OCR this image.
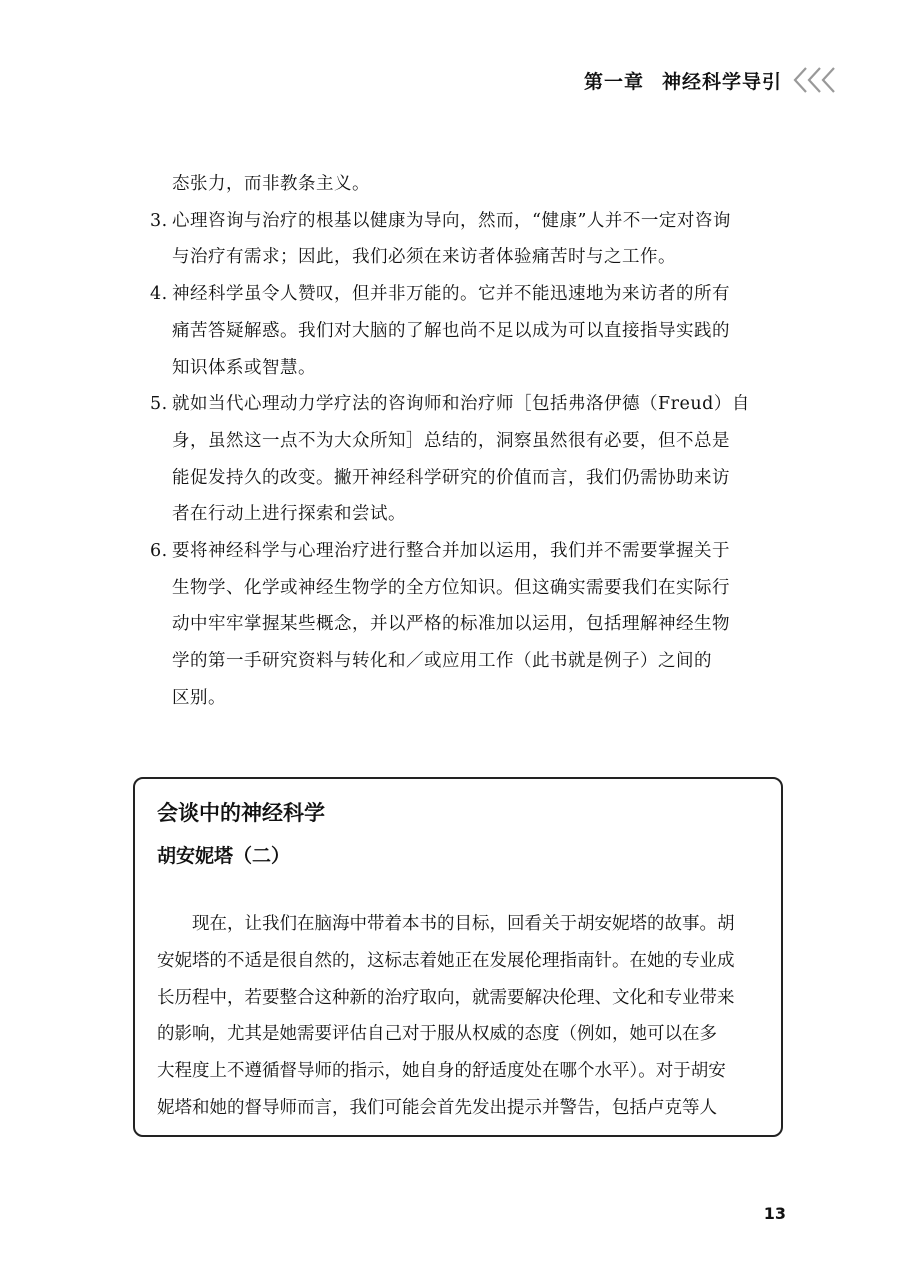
第一章 神经科学导引
态张力，而非教条主义。
3. 心理咨询与治疗的根基以健康为导向，然而，“健康”人并不一定对咨询
与治疗有需求；因此，我们必须在来访者体验痛苦时与之工作。
4. 神经科学虽令人赞叹，但并非万能的。它并不能迅速地为来访者的所有
痛苦答疑解惑。我们对大脑的了解也尚不足以成为可以直接指导实践的
知识体系或智慧。
5. 就如当代心理动力学疗法的咨询师和治疗师［包括弗洛伊德（Freud）自
身，虽然这一点不为大众所知］总结的，洞察虽然很有必要，但不总是
能促发持久的改变。撇开神经科学研究的价值而言，我们仍需协助来访
者在行动上进行探索和尝试。
6. 要将神经科学与心理治疗进行整合并加以运用，我们并不需要掌握关于
生物学、化学或神经生物学的全方位知识。但这确实需要我们在实际行
动中牢牢掌握某些概念，并以严格的标准加以运用，包括理解神经生物
学的第一手研究资料与转化和／或应用工作（此书就是例子）之间的
区别。
会谈中的神经科学
胡安妮塔（二）
　　现在，让我们在脑海中带着本书的目标，回看关于胡安妮塔的故事。胡
安妮塔的不适是很自然的，这标志着她正在发展伦理指南针。在她的专业成
长历程中，若要整合这种新的治疗取向，就需要解决伦理、文化和专业带来
的影响，尤其是她需要评估自己对于服从权威的态度（例如，她可以在多
大程度上不遵循督导师的指示，她自身的舒适度处在哪个水平）。对于胡安
妮塔和她的督导师而言，我们可能会首先发出提示并警告，包括卢克等人
13
